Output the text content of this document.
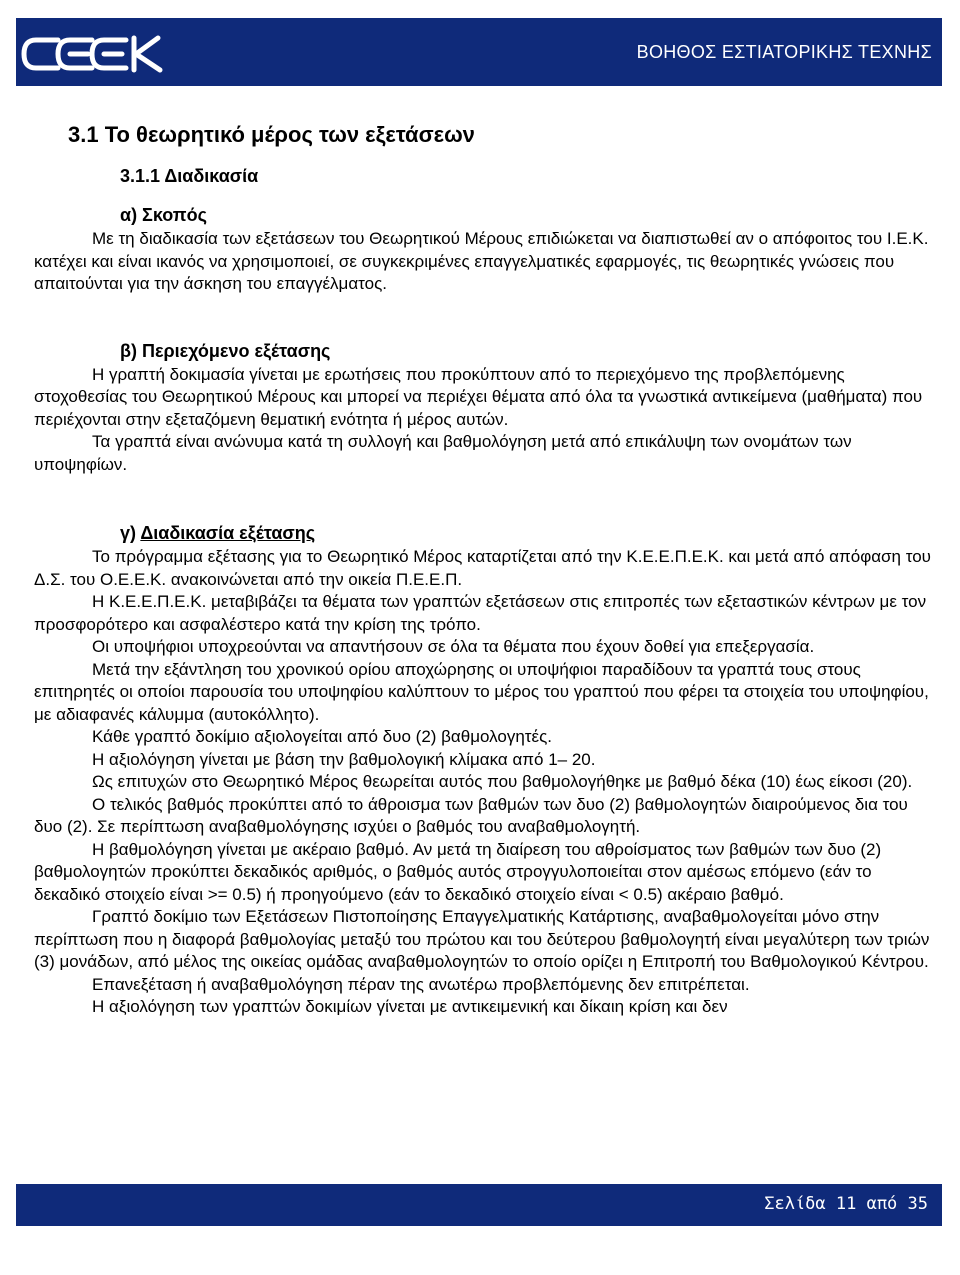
ΒΟΗΘΟΣ ΕΣΤΙΑΤΟΡΙΚΗΣ ΤΕΧΝΗΣ
3.1 Το θεωρητικό μέρος των εξετάσεων
3.1.1 Διαδικασία
α) Σκοπός

Με τη διαδικασία των εξετάσεων του Θεωρητικού Μέρους επιδιώκεται να διαπιστωθεί αν ο απόφοιτος του Ι.Ε.Κ. κατέχει και είναι ικανός να χρησιμοποιεί, σε συγκεκριμένες επαγγελματικές εφαρμογές, τις θεωρητικές γνώσεις που απαιτούνται για την άσκηση του επαγγέλματος.

β) Περιεχόμενο εξέτασης

Η γραπτή δοκιμασία γίνεται με ερωτήσεις που προκύπτουν από το περιεχόμενο της προβλεπόμενης στοχοθεσίας του Θεωρητικού Μέρους και μπορεί να περιέχει θέματα από όλα τα γνωστικά αντικείμενα (μαθήματα) που περιέχονται στην εξεταζόμενη θεματική ενότητα ή μέρος αυτών.

Τα γραπτά είναι ανώνυμα κατά τη συλλογή και βαθμολόγηση μετά από επικάλυψη των ονομάτων των υποψηφίων.

γ) Διαδικασία εξέτασης

Το πρόγραμμα εξέτασης για το Θεωρητικό Μέρος καταρτίζεται από την Κ.Ε.Ε.Π.Ε.Κ. και μετά από απόφαση του Δ.Σ. του Ο.Ε.Ε.Κ. ανακοινώνεται από την οικεία Π.Ε.Ε.Π.

Η Κ.Ε.Ε.Π.Ε.Κ. μεταβιβάζει τα θέματα των γραπτών εξετάσεων στις επιτροπές των εξεταστικών κέντρων με τον προσφορότερο και ασφαλέστερο κατά την κρίση της τρόπο.

Οι υποψήφιοι υποχρεούνται να απαντήσουν σε όλα τα θέματα που έχουν δοθεί για επεξεργασία.

Μετά την εξάντληση του χρονικού ορίου αποχώρησης οι υποψήφιοι παραδίδουν τα γραπτά τους στους επιτηρητές οι οποίοι παρουσία του υποψηφίου καλύπτουν το μέρος του γραπτού που φέρει τα στοιχεία του υποψηφίου, με αδιαφανές κάλυμμα (αυτοκόλλητο).

Κάθε γραπτό δοκίμιο αξιολογείται από δυο (2) βαθμολογητές.

Η αξιολόγηση γίνεται με βάση την βαθμολογική κλίμακα από 1– 20.

Ως επιτυχών στο Θεωρητικό Μέρος θεωρείται αυτός που βαθμολογήθηκε με βαθμό δέκα (10) έως είκοσι (20).

Ο τελικός βαθμός προκύπτει από το άθροισμα των βαθμών των δυο (2) βαθμολογητών διαιρούμενος δια του δυο (2). Σε περίπτωση αναβαθμολόγησης ισχύει ο βαθμός του αναβαθμολογητή.

Η βαθμολόγηση γίνεται με ακέραιο βαθμό. Αν μετά τη διαίρεση του αθροίσματος των βαθμών των δυο (2) βαθμολογητών προκύπτει δεκαδικός αριθμός, ο βαθμός αυτός στρογγυλοποιείται στον αμέσως επόμενο (εάν το δεκαδικό στοιχείο είναι >= 0.5) ή προηγούμενο (εάν το δεκαδικό στοιχείο είναι < 0.5) ακέραιο βαθμό.

Γραπτό δοκίμιο των Εξετάσεων Πιστοποίησης Επαγγελματικής Κατάρτισης, αναβαθμολογείται μόνο στην περίπτωση που η διαφορά βαθμολογίας μεταξύ του πρώτου και του δεύτερου βαθμολογητή είναι μεγαλύτερη των τριών (3) μονάδων, από μέλος της οικείας ομάδας αναβαθμολογητών το οποίο ορίζει η Επιτροπή του Βαθμολογικού Κέντρου.

Επανεξέταση ή αναβαθμολόγηση πέραν της ανωτέρω προβλεπόμενης δεν επιτρέπεται.

Η αξιολόγηση των γραπτών δοκιμίων γίνεται με αντικειμενική και δίκαιη κρίση και δεν

Σελίδα 11 από 35
